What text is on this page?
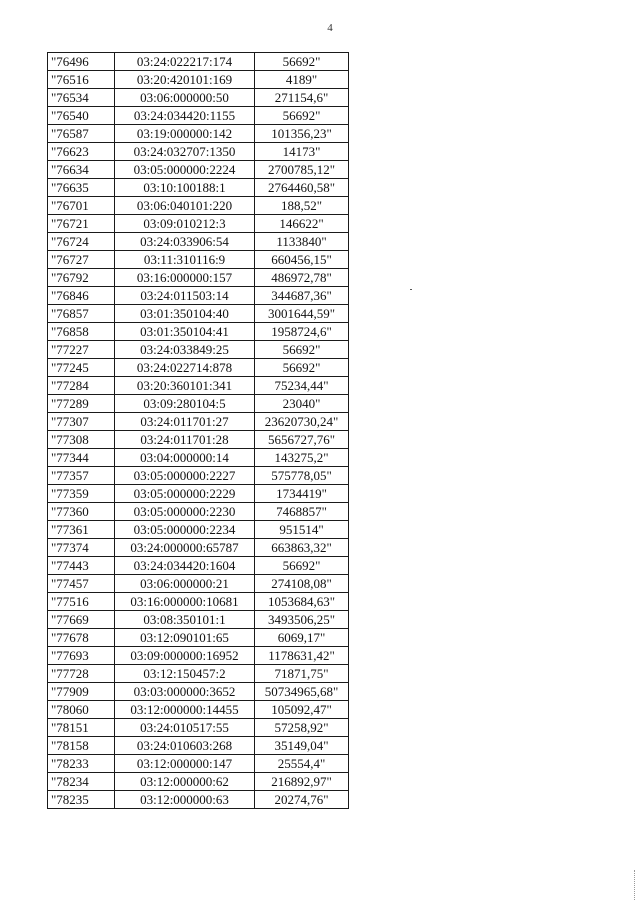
4
"76496	03:24:022217:174	56692"
"76516	03:20:420101:169	4189"
"76534	03:06:000000:50	271154,6"
"76540	03:24:034420:1155	56692"
"76587	03:19:000000:142	101356,23"
"76623	03:24:032707:1350	14173"
"76634	03:05:000000:2224	2700785,12"
"76635	03:10:100188:1	2764460,58"
"76701	03:06:040101:220	188,52"
"76721	03:09:010212:3	146622"
"76724	03:24:033906:54	1133840"
"76727	03:11:310116:9	660456,15"
"76792	03:16:000000:157	486972,78"
"76846	03:24:011503:14	344687,36"
"76857	03:01:350104:40	3001644,59"
"76858	03:01:350104:41	1958724,6"
"77227	03:24:033849:25	56692"
"77245	03:24:022714:878	56692"
"77284	03:20:360101:341	75234,44"
"77289	03:09:280104:5	23040"
"77307	03:24:011701:27	23620730,24"
"77308	03:24:011701:28	5656727,76"
"77344	03:04:000000:14	143275,2"
"77357	03:05:000000:2227	575778,05"
"77359	03:05:000000:2229	1734419"
"77360	03:05:000000:2230	7468857"
"77361	03:05:000000:2234	951514"
"77374	03:24:000000:65787	663863,32"
"77443	03:24:034420:1604	56692"
"77457	03:06:000000:21	274108,08"
"77516	03:16:000000:10681	1053684,63"
"77669	03:08:350101:1	3493506,25"
"77678	03:12:090101:65	6069,17"
"77693	03:09:000000:16952	1178631,42"
"77728	03:12:150457:2	71871,75"
"77909	03:03:000000:3652	50734965,68"
"78060	03:12:000000:14455	105092,47"
"78151	03:24:010517:55	57258,92"
"78158	03:24:010603:268	35149,04"
"78233	03:12:000000:147	25554,4"
"78234	03:12:000000:62	216892,97"
"78235	03:12:000000:63	20274,76"
